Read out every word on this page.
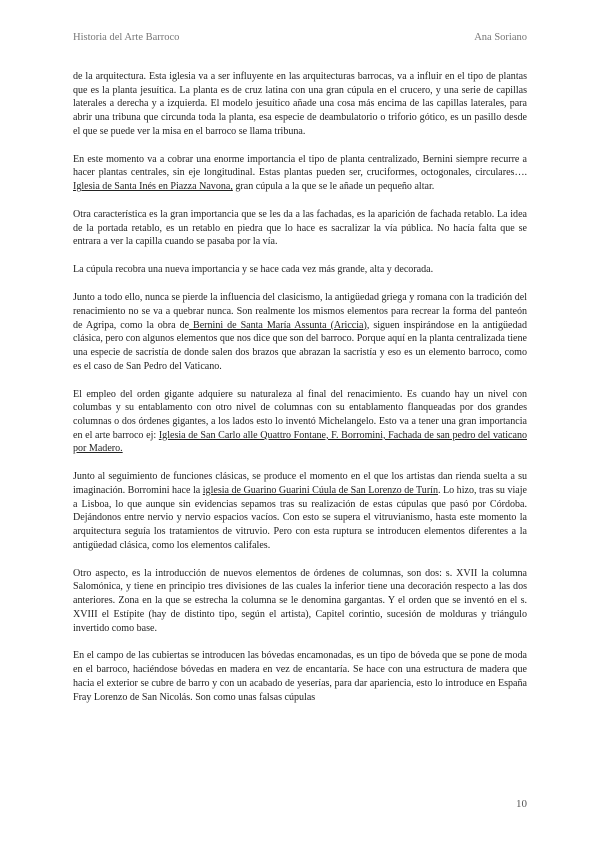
Historia del Arte Barroco	Ana Soriano

de la arquitectura. Esta iglesia va a ser influyente en las arquitecturas barrocas, va a influir en el tipo de plantas que es la planta jesuítica. La planta es de cruz latina con una gran cúpula en el crucero, y una serie de capillas laterales a derecha y a izquierda. El modelo jesuítico añade una cosa más encima de las capillas laterales, para abrir una tribuna que circunda toda la planta, esa especie de deambulatorio o triforio gótico, es un pasillo desde el que se puede ver la misa en el barroco se llama tribuna.

En este momento va a cobrar una enorme importancia el tipo de planta centralizado, Bernini siempre recurre a hacer plantas centrales, sin eje longitudinal. Estas plantas pueden ser, cruciformes, octogonales, circulares…. Iglesia de Santa Inés en Piazza Navona, gran cúpula a la que se le añade un pequeño altar.

Otra característica es la gran importancia que se les da a las fachadas, es la aparición de fachada retablo. La idea de la portada retablo, es un retablo en piedra que lo hace es sacralizar la vía pública. No hacía falta que se entrara a ver la capilla cuando se pasaba por la vía.

La cúpula recobra una nueva importancia y se hace cada vez más grande, alta y decorada.

Junto a todo ello, nunca se pierde la influencia del clasicismo, la antigüedad griega y romana con la tradición del renacimiento no se va a quebrar nunca. Son realmente los mismos elementos para recrear la forma del panteón de Agripa, como la obra de Bernini de Santa María Assunta (Ariccia), siguen inspirándose en la antigüedad clásica, pero con algunos elementos que nos dice que son del barroco. Porque aquí en la planta centralizada tiene una especie de sacristía de donde salen dos brazos que abrazan la sacristía y eso es un elemento barroco, como es el caso de San Pedro del Vaticano.

El empleo del orden gigante adquiere su naturaleza al final del renacimiento. Es cuando hay un nivel con columbas y su entablamento con otro nivel de columnas con su entablamento flanqueadas por dos grandes columnas o dos órdenes gigantes, a los lados esto lo inventó Michelangelo. Esto va a tener una gran importancia en el arte barroco ej: Iglesia de San Carlo alle Quattro Fontane, F. Borromini, Fachada de san pedro del vaticano por Madero.

Junto al seguimiento de funciones clásicas, se produce el momento en el que los artistas dan rienda suelta a su imaginación. Borromini hace la iglesia de Guarino Guarini Cúula de San Lorenzo de Turín. Lo hizo, tras su viaje a Lisboa, lo que aunque sin evidencias sepamos tras su realización de estas cúpulas que pasó por Córdoba. Dejándonos entre nervio y nervio espacios vacíos. Con esto se supera el vitruvianismo, hasta este momento la arquitectura seguía los tratamientos de vitruvio. Pero con esta ruptura se introducen elementos diferentes a la antigüedad clásica, como los elementos califales.

Otro aspecto, es la introducción de nuevos elementos de órdenes de columnas, son dos: s. XVII la columna Salomónica, y tiene en principio tres divisiones de las cuales la inferior tiene una decoración respecto a las dos anteriores. Zona en la que se estrecha la columna se le denomina gargantas. Y el orden que se inventó en el s. XVIII el Estípite (hay de distinto tipo, según el artista), Capitel corintio, sucesión de molduras y triángulo invertido como base.

En el campo de las cubiertas se introducen las bóvedas encamonadas, es un tipo de bóveda que se pone de moda en el barroco, haciéndose bóvedas en madera en vez de encantaría. Se hace con una estructura de madera que hacia el exterior se cubre de barro y con un acabado de yeserías, para dar apariencia, esto lo introduce en España Fray Lorenzo de San Nicolás. Son como unas falsas cúpulas

10
